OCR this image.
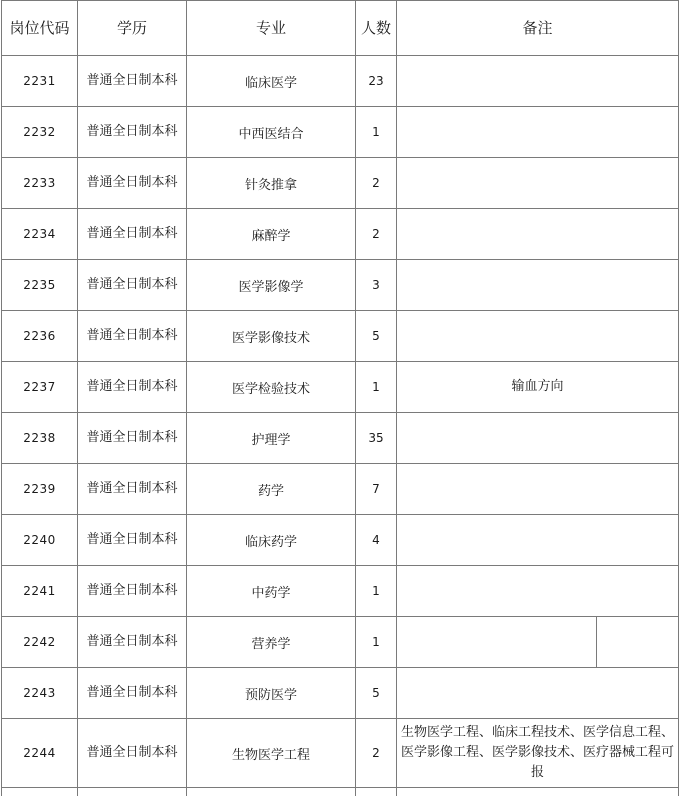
岗位代码	学历	专业	人数	备注
2231	普通全日制本科	临床医学	23	
2232	普通全日制本科	中西医结合	1	
2233	普通全日制本科	针灸推拿	2	
2234	普通全日制本科	麻醉学	2	
2235	普通全日制本科	医学影像学	3	
2236	普通全日制本科	医学影像技术	5	
2237	普通全日制本科	医学检验技术	1	输血方向
2238	普通全日制本科	护理学	35	
2239	普通全日制本科	药学	7	
2240	普通全日制本科	临床药学	4	
2241	普通全日制本科	中药学	1	
2242	普通全日制本科	营养学	1	

2243	普通全日制本科	预防医学	5	
2244	普通全日制本科	生物医学工程	2	生物医学工程、临床工程技术、医学信息工程、医学影像工程、医学影像技术、医疗器械工程可报
